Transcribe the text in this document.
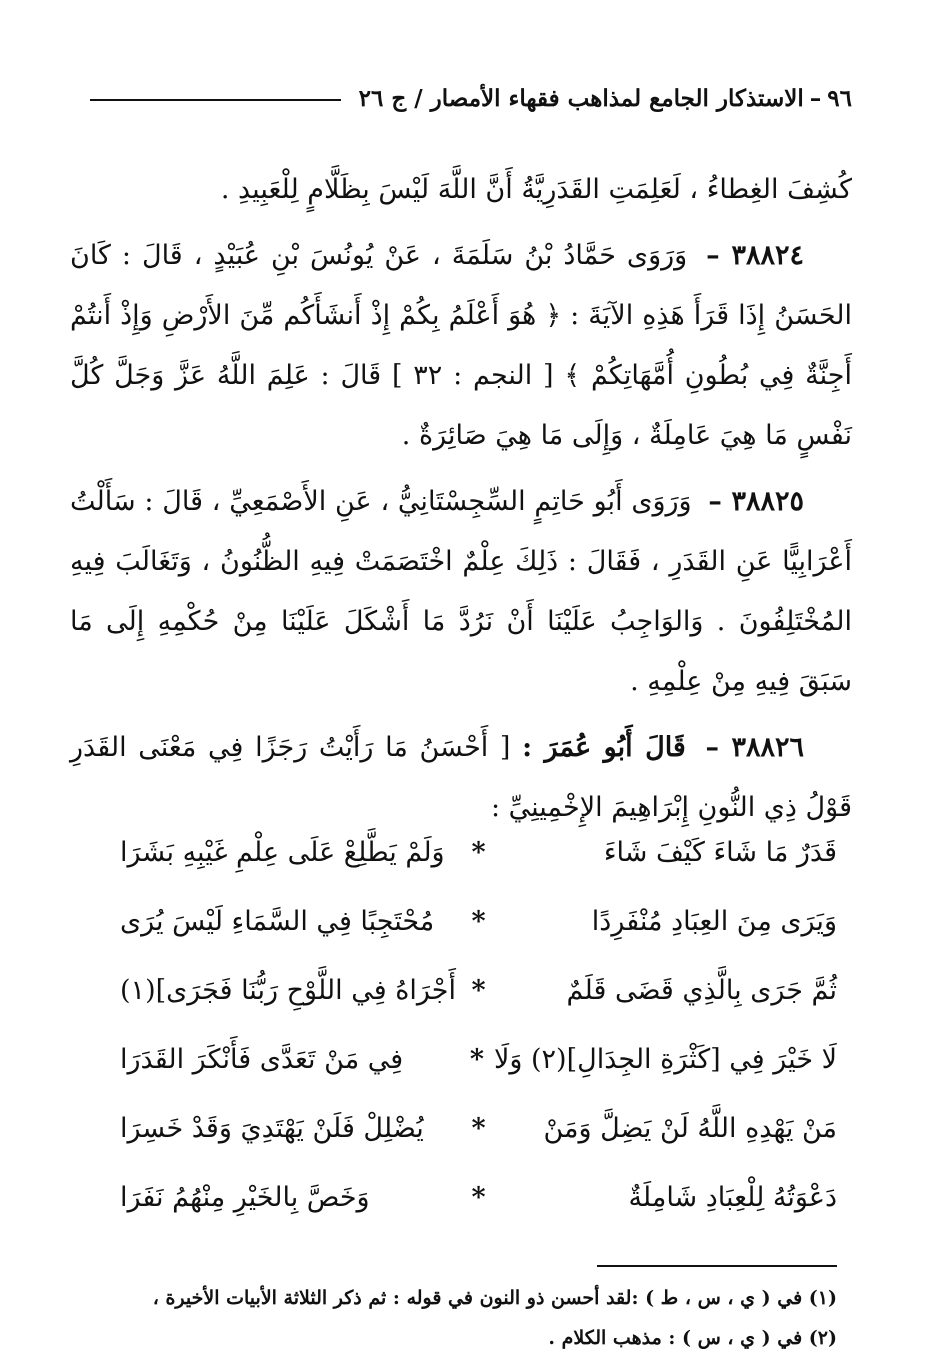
٩٦
–
الاستذكار الجامع لمذاهب فقهاء الأمصار / ج ٢٦

كُشِفَ الغِطاءُ ، لَعَلِمَتِ القَدَرِيَّةُ أَنَّ اللَّهَ لَيْسَ بِظَلَّامٍ لِلْعَبِيدِ .

٣٨٨٢٤ – وَرَوَى حَمَّادُ بْنُ سَلَمَةَ ، عَنْ يُونُسَ بْنِ عُبَيْدٍ ، قَالَ : كَانَ الحَسَنُ إِذَا قَرَأَ هَذِهِ الآيَةَ : ﴿ هُوَ أَعْلَمُ بِكُمْ إِذْ أَنشَأَكُم مِّنَ الأَرْضِ وَإِذْ أَنتُمْ أَجِنَّةٌ فِي بُطُونِ أُمَّهَاتِكُمْ ﴾ [ النجم : ٣٢ ] قَالَ : عَلِمَ اللَّهُ عَزَّ وَجَلَّ كُلَّ نَفْسٍ مَا هِيَ عَامِلَةٌ ، وَإِلَى مَا هِيَ صَائِرَةٌ .

٣٨٨٢٥ – وَرَوَى أَبُو حَاتِمٍ السِّجِسْتَانِيُّ ، عَنِ الأَصْمَعِيِّ ، قَالَ : سَأَلْتُ أَعْرَابِيًّا عَنِ القَدَرِ ، فَقَالَ : ذَلِكَ عِلْمٌ اخْتَصَمَتْ فِيهِ الظُّنُونُ ، وَتَغَالَبَ فِيهِ المُخْتَلِفُونَ . وَالوَاجِبُ عَلَيْنَا أَنْ نَرُدَّ مَا أَشْكَلَ عَلَيْنَا مِنْ حُكْمِهِ إِلَى مَا سَبَقَ فِيهِ مِنْ عِلْمِهِ .

٣٨٨٢٦ – قَالَ أَبُو عُمَرَ : [ أَحْسَنُ مَا رَأَيْتُ رَجَزًا فِي مَعْنَى القَدَرِ قَوْلُ ذِي النُّونِ إِبْرَاهِيمَ الإِخْمِينِيِّ :

قَدَرٌ مَا شَاءَ كَيْفَ شَاءَ
*
وَلَمْ يَطَّلِعْ عَلَى عِلْمِ غَيْبِهِ بَشَرَا
وَيَرَى مِنَ العِبَادِ مُنْفَرِدًا
*
مُحْتَجِبًا فِي السَّمَاءِ لَيْسَ يُرَى
ثُمَّ جَرَى بِالَّذِي قَضَى قَلَمٌ
*
أَجْرَاهُ فِي اللَّوْحِ رَبُّنَا فَجَرَى](١)
لَا خَيْرَ فِي [كَثْرَةِ الجِدَالِ](٢) وَلَا
*
فِي مَنْ تَعَدَّى فَأَنْكَرَ القَدَرَا
مَنْ يَهْدِهِ اللَّهُ لَنْ يَضِلَّ وَمَنْ
*
يُضْلِلْ فَلَنْ يَهْتَدِيَ وَقَدْ خَسِرَا
دَعْوَتُهُ لِلْعِبَادِ شَامِلَةٌ
*
وَخَصَّ بِالخَيْرِ مِنْهُمُ نَفَرَا
(١) في ( ي ، س ، ط ) :لقد أحسن ذو النون في قوله : ثم ذكر الثلاثة الأبيات الأخيرة ،
(٢) في ( ي ، س ) : مذهب الكلام .
